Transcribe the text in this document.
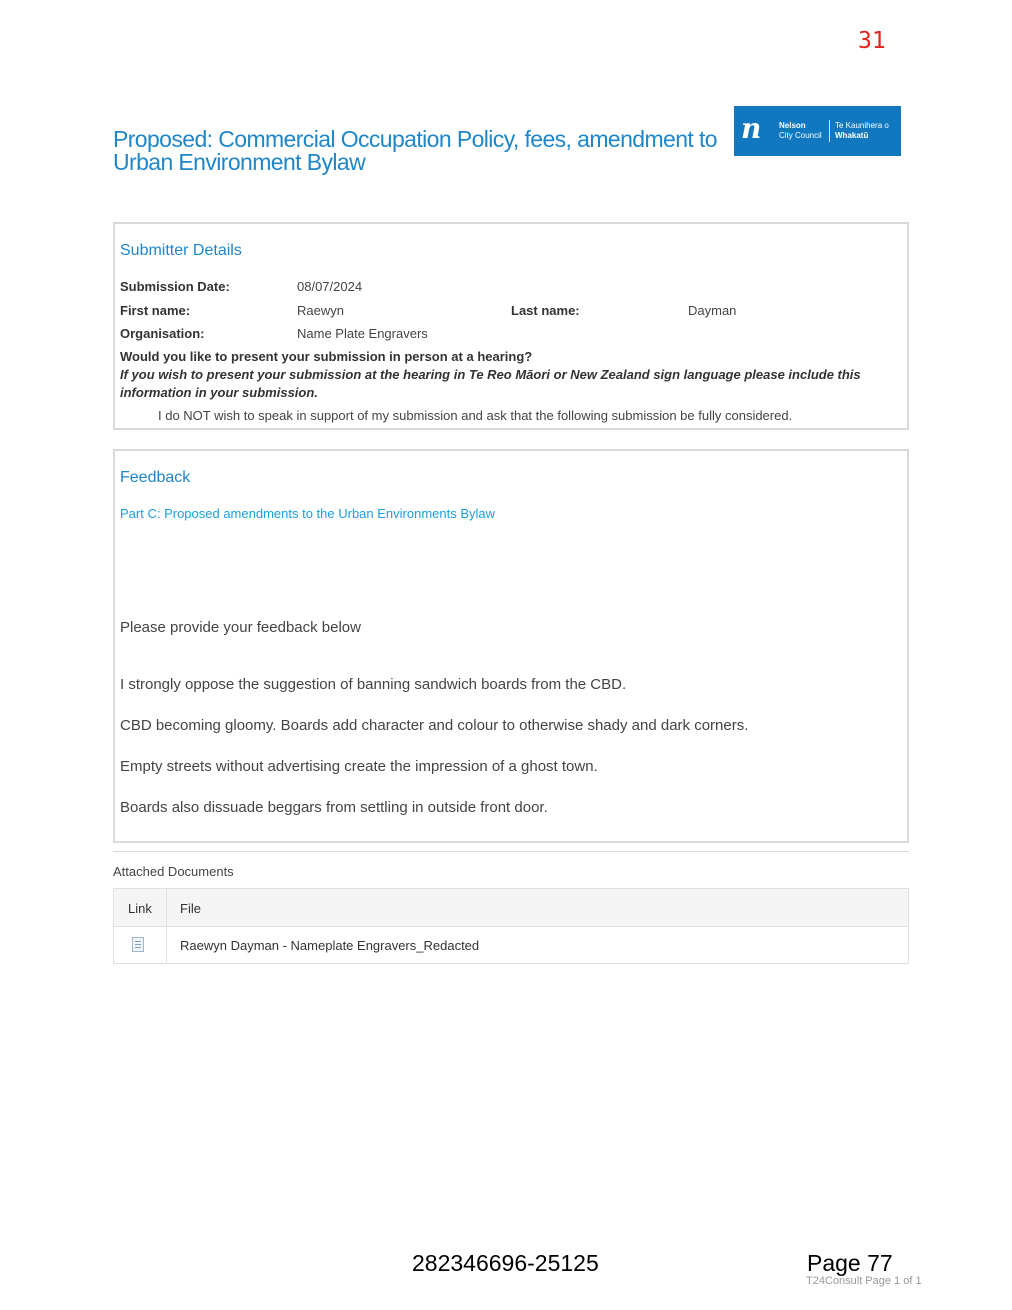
31
Proposed: Commercial Occupation Policy, fees, amendment to Urban Environment Bylaw
n Nelson
City Council
Te Kaunihera o
Whakatū
Submitter Details
Submission Date:	08/07/2024
First name:	Raewyn	Last name:	Dayman
Organisation:	Name Plate Engravers
Would you like to present your submission in person at a hearing?
If you wish to present your submission at the hearing in Te Reo Māori or New Zealand sign language please include this information in your submission.
I do NOT wish to speak in support of my submission and ask that the following submission be fully considered.
Feedback
Part C: Proposed amendments to the Urban Environments Bylaw
Please provide your feedback below
I strongly oppose the suggestion of banning sandwich boards from the CBD.
CBD becoming gloomy. Boards add character and colour to otherwise shady and dark corners.
Empty streets without advertising create the impression of a ghost town.
Boards also dissuade beggars from settling in outside front door.
Attached Documents
Link File
Raewyn Dayman - Nameplate Engravers_Redacted
282346696-25125	Page 77
T24Consult Page 1 of 1
